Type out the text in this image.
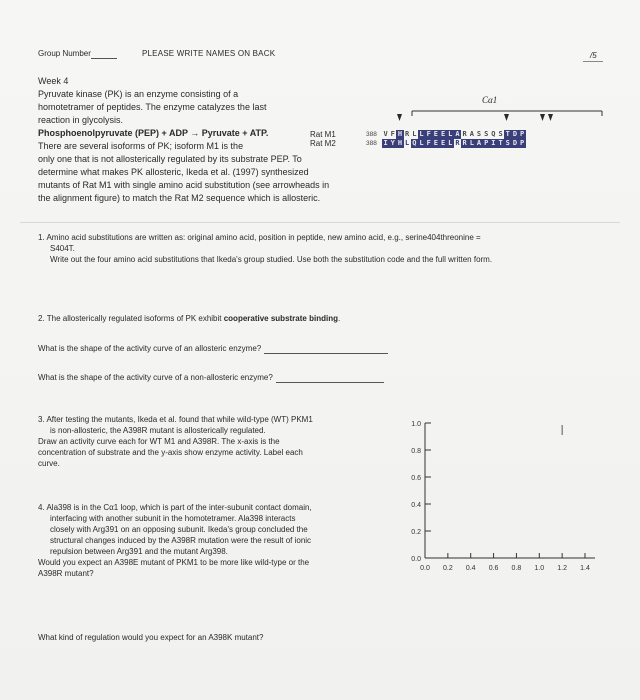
Group Number	PLEASE WRITE NAMES ON BACK	/5
Week 4
Pyruvate kinase (PK) is an enzyme consisting of a
homotetramer of peptides. The enzyme catalyzes the last
reaction in glycolysis.
Phosphoenolpyruvate (PEP) + ADP → Pyruvate + ATP.
There are several isoforms of PK; isoform M1 is the
only one that is not allosterically regulated by its substrate PEP. To
determine what makes PK allosteric, Ikeda et al. (1997) synthesized
mutants of Rat M1 with single amino acid substitution (see arrowheads in
the alignment figure) to match the Rat M2 sequence which is allosteric.
Cα1
Rat M1
Rat M2
388
388
V F H R L L F E E L A R A S S Q S T D P
I Y H L Q L F E E L R R L A P I T S D P
1. Amino acid substitutions are written as: original amino acid, position in peptide, new amino acid, e.g., serine404threonine =
S404T.
Write out the four amino acid substitutions that Ikeda's group studied. Use both the substitution code and the full written form.
2. The allosterically regulated isoforms of PK exhibit cooperative substrate binding.
What is the shape of the activity curve of an allosteric enzyme?
What is the shape of the activity curve of a non-allosteric enzyme?
3. After testing the mutants, Ikeda et al. found that while wild-type (WT) PKM1
is non-allosteric, the A398R mutant is allosterically regulated.
Draw an activity curve each for WT M1 and A398R. The x-axis is the
concentration of substrate and the y-axis show enzyme activity. Label each
curve.
4. Ala398 is in the Cα1 loop, which is part of the inter-subunit contact domain,
interfacing with another subunit in the homotetramer. Ala398 interacts
closely with Arg391 on an opposing subunit. Ikeda's group concluded the
structural changes induced by the A398R mutation were the result of ionic
repulsion between Arg391 and the mutant Arg398.
Would you expect an A398E mutant of PKM1 to be more like wild-type or the
A398R mutant?
What kind of regulation would you expect for an A398K mutant?
0.0
0.2
0.4
0.6
0.8
1.0
0.0 0.2 0.4 0.6 0.8 1.0 1.2 1.4
